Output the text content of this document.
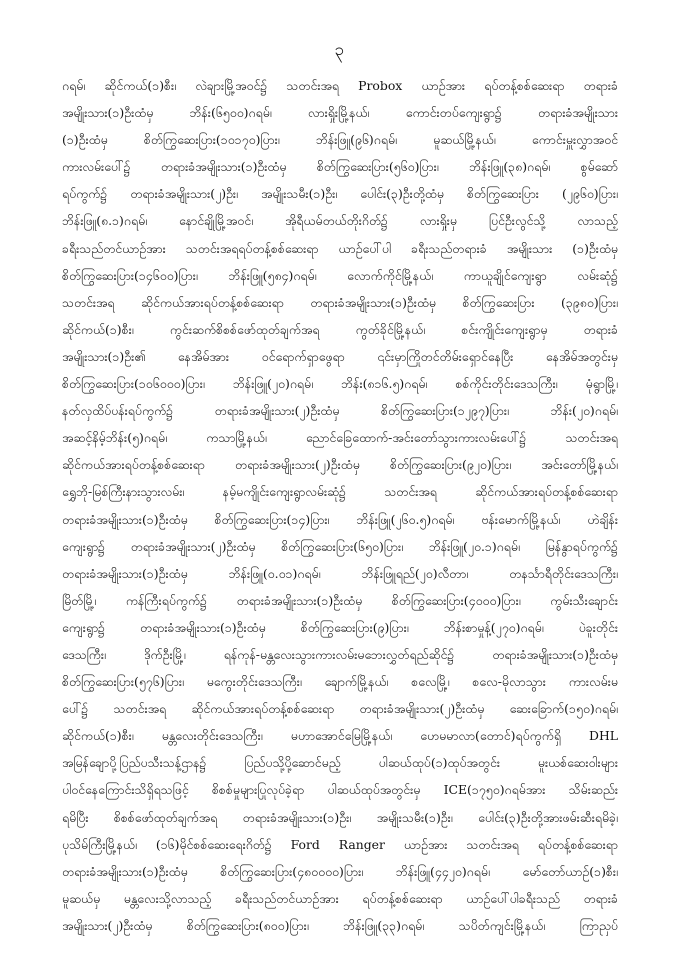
၃
ဂရမ်၊ ဆိုင်ကယ်(၁)စီး၊ လဲချားမြို့အဝင်၌ သတင်းအရ Probox ယာဉ်အား ရပ်တန့်စစ်ဆေးရာ တရားခံ
အမျိုးသား(၁)ဦးထံမှ ဘိန်း(၆၅၀၀)ဂရမ်၊ လားရှိုးမြို့နယ်၊ ကောင်းတပ်ကျေးရွာ၌ တရားခံအမျိုးသား
(၁)ဦးထံမှ စိတ်ကြွဆေးပြား(၁၀၁၇၀)ပြား၊ ဘိန်းဖြူ(၉၆)ဂရမ်၊ မူဆယ်မြို့နယ်၊ ကောင်းမှူးလွှာအဝင်
ကားလမ်းပေါ်၌ တရားခံအမျိုးသား(၁)ဦးထံမှ စိတ်ကြွဆေးပြား(၅၆၀)ပြား၊ ဘိန်းဖြူ(၃၈)ဂရမ်၊ စွမ်ဆော်
ရပ်ကွက်၌ တရားခံအမျိုးသား(၂)ဦး၊ အမျိုးသမီး(၁)ဦး၊ ပေါင်း(၃)ဦးတို့ထံမှ စိတ်ကြွဆေးပြား (၂၉၆၀)ပြား၊
ဘိန်းဖြူ(၈.၁)ဂရမ်၊ နောင်ချိုမြို့အဝင်၊ အိုရီယမ်တယ်တိုးဂိတ်၌ လားရှိုးမှ ပြင်ဦးလွင်သို့ လာသည့်
ခရီးသည်တင်ယာဉ်အား သတင်းအရရပ်တန့်စစ်ဆေးရာ ယာဉ်ပေါ်ပါ ခရီးသည်တရားခံ အမျိုးသား (၁)ဦးထံမှ
စိတ်ကြွဆေးပြား(၁၄၆၀၀)ပြား၊ ဘိန်းဖြူ(၅၈၄)ဂရမ်၊ လောက်ကိုင်မြို့နယ်၊ ကာယူချိုင်ကျေးရွာ လမ်းဆုံ၌
သတင်းအရ ဆိုင်ကယ်အားရပ်တန့်စစ်ဆေးရာ တရားခံအမျိုးသား(၁)ဦးထံမှ စိတ်ကြွဆေးပြား (၃၉၈၀)ပြား၊
ဆိုင်ကယ်(၁)စီး၊ ကွင်းဆက်စိစစ်ဖော်ထုတ်ချက်အရ ကွတ်ခိုင်မြို့နယ်၊ စင်းကျိုင်းကျေးရွာမှ တရားခံ
အမျိုးသား(၁)ဦး၏ နေအိမ်အား ဝင်ရောက်ရှာဖွေရာ ၎င်းမှာကြိုတင်တိမ်းရှောင်နေပြီး နေအိမ်အတွင်းမှ
စိတ်ကြွဆေးပြား(၁၀၆၀၀၀)ပြား၊ ဘိန်းဖြူ(၂၀)ဂရမ်၊ ဘိန်း(၈၁၆.၅)ဂရမ်၊ စစ်ကိုင်းတိုင်းဒေသကြီး၊ မုံရွာမြို့၊
နတ်လှထိပ်ပန်းရပ်ကွက်၌ တရားခံအမျိုးသား(၂)ဦးထံမှ စိတ်ကြွဆေးပြား(၁၂၉၇)ပြား၊ ဘိန်း(၂၀)ဂရမ်၊
အဆင့်နိမ့်ဘိန်း(၅)ဂရမ်၊ ကသာမြို့နယ်၊ ညောင်ခြေထောက်-အင်းတော်သွားကားလမ်းပေါ်၌ သတင်းအရ
ဆိုင်ကယ်အားရပ်တန့်စစ်ဆေးရာ တရားခံအမျိုးသား(၂)ဦးထံမှ စိတ်ကြွဆေးပြား(၉၂၀)ပြား၊ အင်းတော်မြို့နယ်၊
ရွှေဘို-မြစ်ကြီးနားသွားလမ်း၊ နမ့်မကျိုင်းကျေးရွာလမ်းဆုံ၌ သတင်းအရ ဆိုင်ကယ်အားရပ်တန့်စစ်ဆေးရာ
တရားခံအမျိုးသား(၁)ဦးထံမှ စိတ်ကြွဆေးပြား(၁၄)ပြား၊ ဘိန်းဖြူ(၂၆၀.၅)ဂရမ်၊ ဗန်းမောက်မြို့နယ်၊ ဟဲချိန်း
ကျေးရွာ၌ တရားခံအမျိုးသား(၂)ဦးထံမှ စိတ်ကြွဆေးပြား(၆၅၀)ပြား၊ ဘိန်းဖြူ(၂၀.၁)ဂရမ်၊ မြန်နွာရပ်ကွက်၌
တရားခံအမျိုးသား(၁)ဦးထံမှ ဘိန်းဖြူ(၀.၀၁)ဂရမ်၊ ဘိန်းဖြူရည်(၂၀)လီတာ၊ တနင်္သာရီတိုင်းဒေသကြီး၊
မြိတ်မြို့၊ ကန်ကြီးရပ်ကွက်၌ တရားခံအမျိုးသား(၁)ဦးထံမှ စိတ်ကြွဆေးပြား(၄၀၀၀)ပြား၊ ကွမ်းသီးချောင်း
ကျေးရွာ၌ တရားခံအမျိုးသား(၁)ဦးထံမှ စိတ်ကြွဆေးပြား(၉)ပြား၊ ဘိန်းစာမှုန့်(၂၇၀)ဂရမ်၊ ပဲခူးတိုင်း
ဒေသကြီး၊ ဒိုက်ဦးမြို့၊ ရန်ကုန်-မန္တလေးသွားကားလမ်းမဘေးလွှတ်ရည်ဆိုင်၌ တရားခံအမျိုးသား(၁)ဦးထံမှ
စိတ်ကြွဆေးပြား(၅၇၆)ပြား၊ မကွေးတိုင်းဒေသကြီး၊ ချောက်မြို့နယ်၊ စလေမြို့၊ စလေ-မိုလာသွား ကားလမ်းမ
ပေါ်၌ သတင်းအရ ဆိုင်ကယ်အားရပ်တန့်စစ်ဆေးရာ တရားခံအမျိုးသား(၂)ဦးထံမှ ဆေးခြောက်(၁၅၀)ဂရမ်၊
ဆိုင်ကယ်(၁)စီး၊ မန္တလေးတိုင်းဒေသကြီး၊ မဟာအောင်မြေမြို့နယ်၊ ဟေမမာလာ(တောင်)ရပ်ကွက်ရှိ DHL
အမြန်ချောပို့ပြည်ပသီးသန့်ဌာန၌ ပြည်ပသို့ပို့ဆောင်မည့် ပါဆယ်ထုပ်(၁)ထုပ်အတွင်း မူးယစ်ဆေးဝါးများ
ပါဝင်နေကြောင်းသိရှိရသဖြင့် စိစစ်မှုများပြုလုပ်ခဲ့ရာ ပါဆယ်ထုပ်အတွင်းမှ ICE(၁၇၅၀)ဂရမ်အား သိမ်းဆည်း
ရမိပြီး စိစစ်ဖော်ထုတ်ချက်အရ တရားခံအမျိုးသား(၁)ဦး၊ အမျိုးသမီး(၁)ဦး၊ ပေါင်း(၃)ဦးတို့အားဖမ်းဆီးရမိခဲ့၊
ပုသိမ်ကြီးမြို့နယ်၊ (၁၆)မိုင်စစ်ဆေးရေးဂိတ်၌ Ford Ranger ယာဉ်အား သတင်းအရ ရပ်တန့်စစ်ဆေးရာ
တရားခံအမျိုးသား(၁)ဦးထံမှ စိတ်ကြွဆေးပြား(၄၈၀၀၀၀)ပြား၊ ဘိန်းဖြူ(၄၄၂၀)ဂရမ်၊ မော်တော်ယာဉ်(၁)စီး၊
မူဆယ်မှ မန္တလေးသို့လာသည့် ခရီးသည်တင်ယာဉ်အား ရပ်တန့်စစ်ဆေးရာ ယာဉ်ပေါ်ပါခရီးသည် တရားခံ
အမျိုးသား(၂)ဦးထံမှ စိတ်ကြွဆေးပြား(၈၀၀)ပြား၊ ဘိန်းဖြူ(၃၃)ဂရမ်၊ သပိတ်ကျင်းမြို့နယ်၊ ကြာညှပ်
